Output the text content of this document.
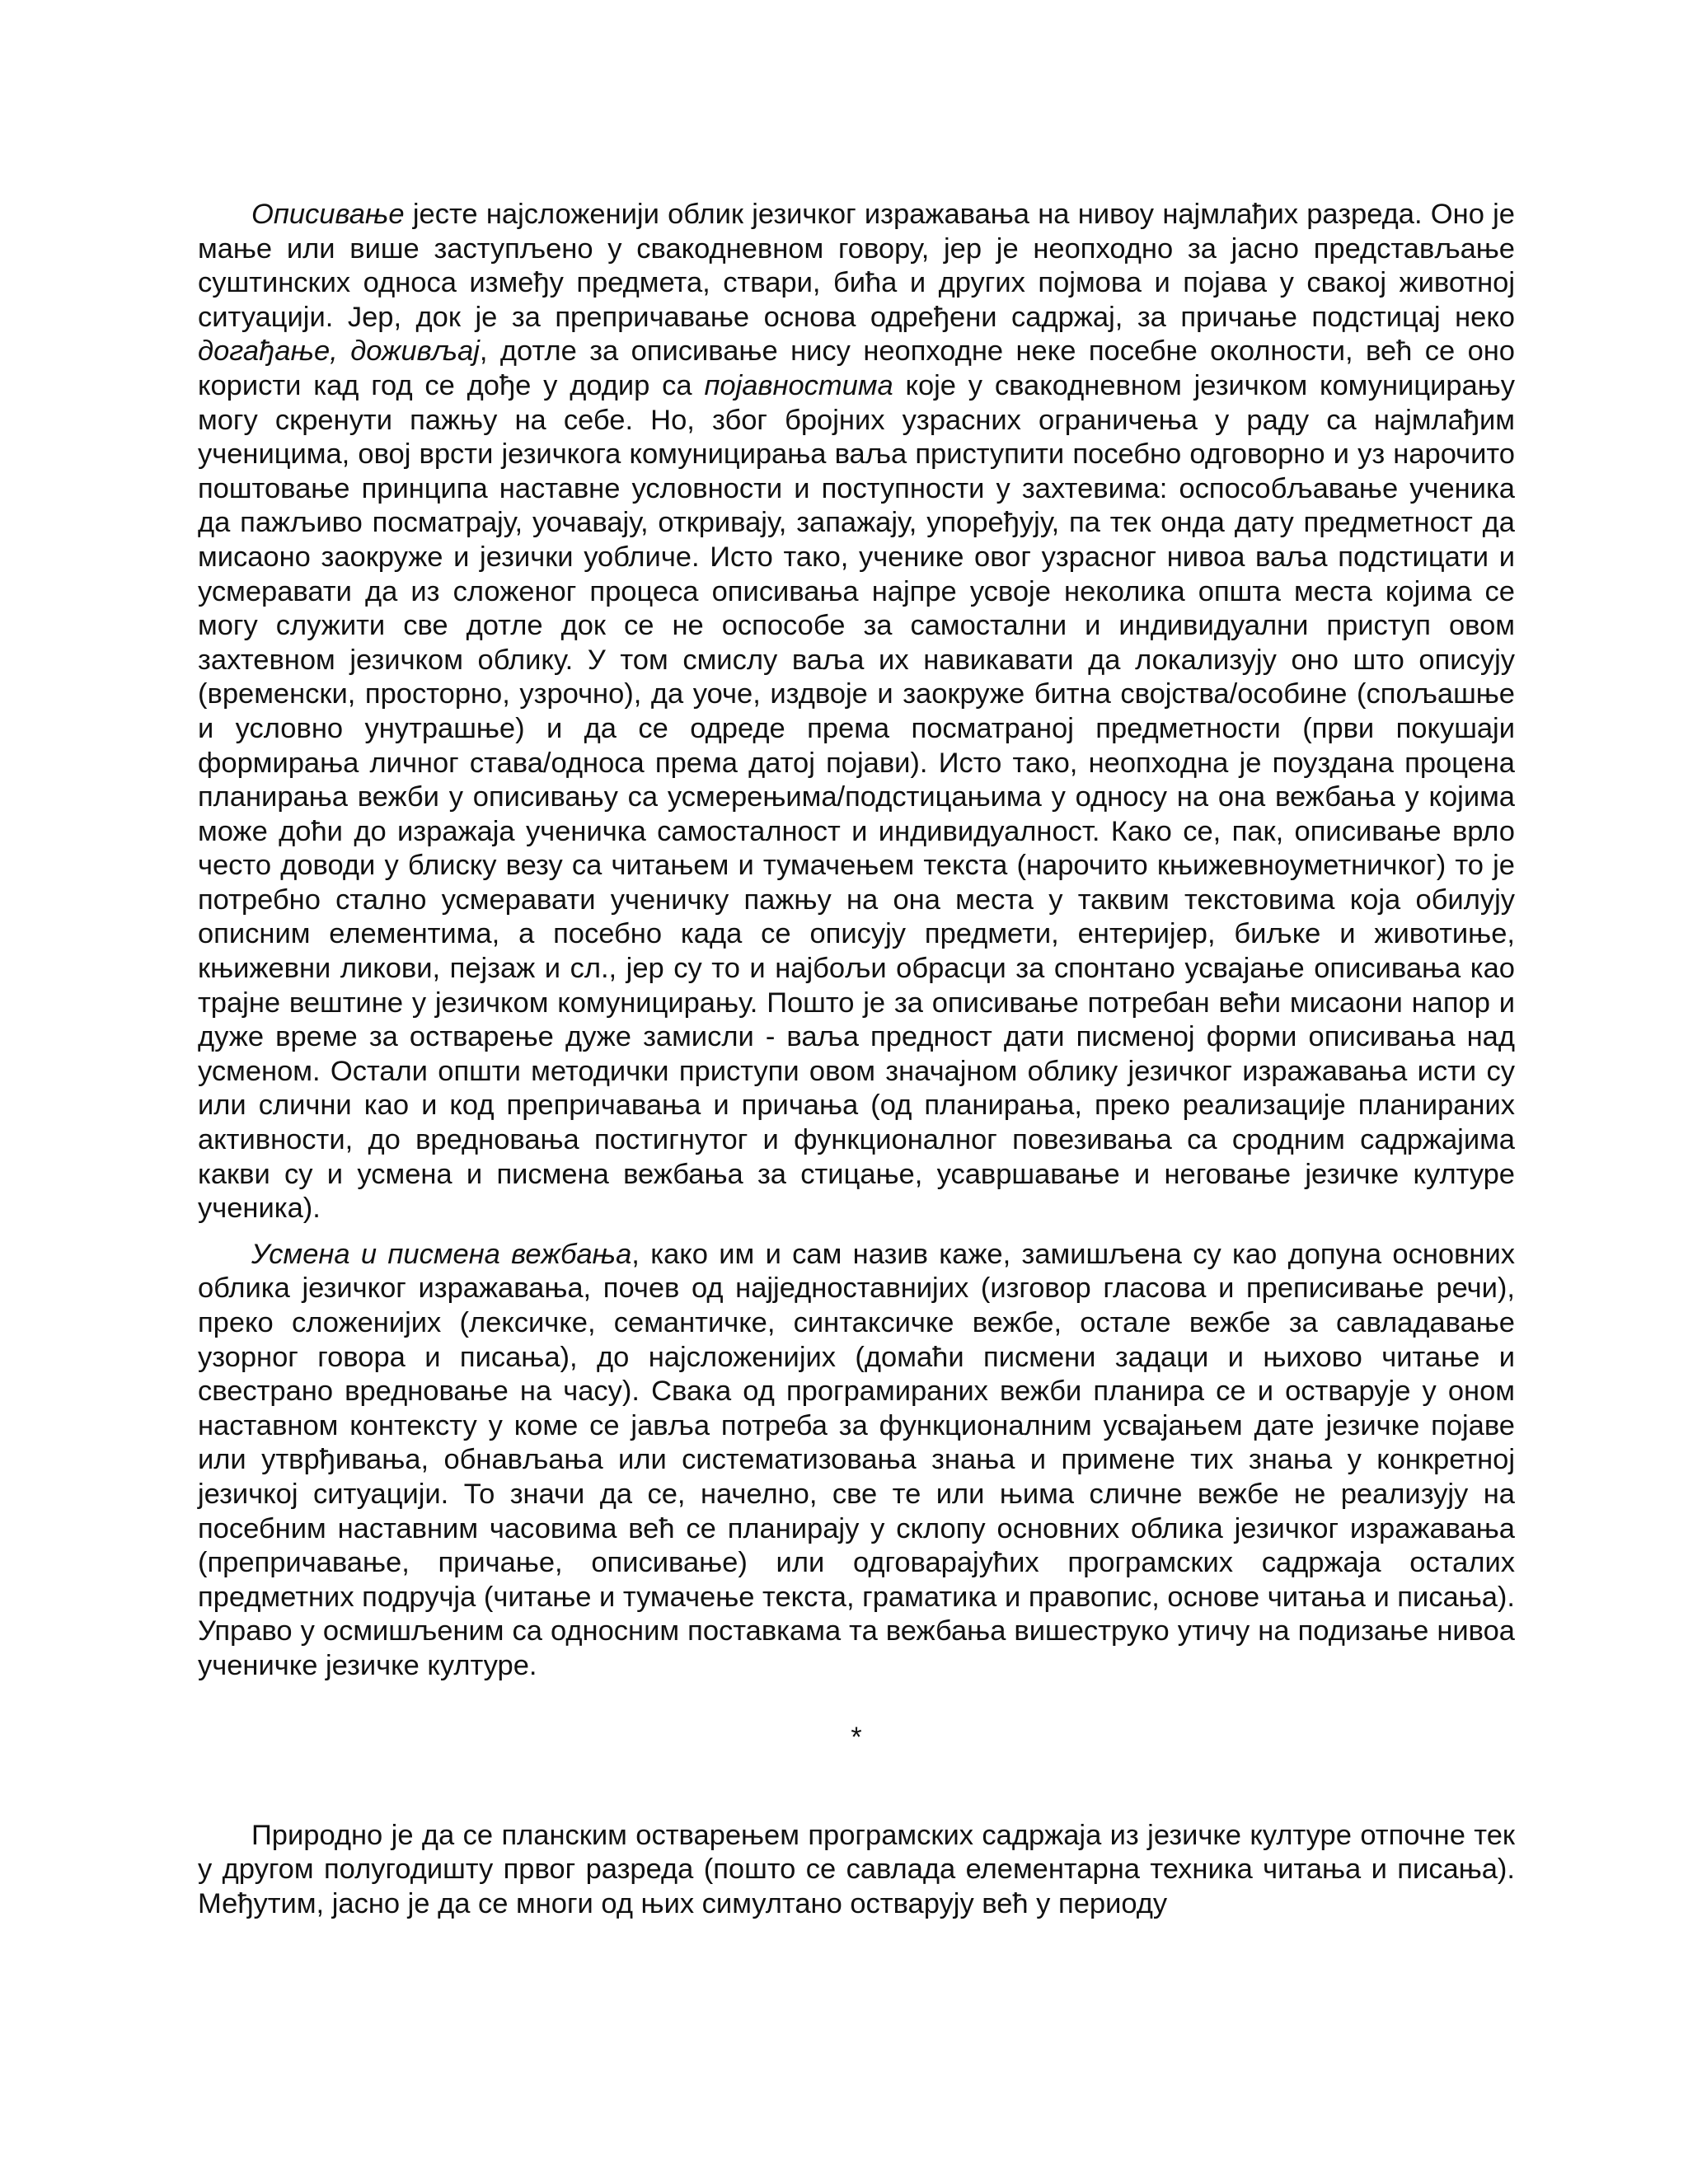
Описивање јесте најсложенији облик језичког изражавања на нивоу најмлађих разреда. Оно је мање или више заступљено у свакодневном говору, јер је неопходно за јасно представљање суштинских односа између предмета, ствари, бића и других појмова и појава у свакој животној ситуацији. Јер, док је за препричавање основа одређени садржај, за причање подстицај неко догађање, доживљај, дотле за описивање нису неопходне неке посебне околности, већ се оно користи кад год се дође у додир са појавностима које у свакодневном језичком комуницирању могу скренути пажњу на себе. Но, због бројних узрасних ограничења у раду са најмлађим ученицима, овој врсти језичкога комуницирања ваља приступити посебно одговорно и уз нарочито поштовање принципа наставне условности и поступности у захтевима: оспособљавање ученика да пажљиво посматрају, уочавају, откривају, запажају, упоређују, па тек онда дату предметност да мисаоно заокруже и језички уобличе. Исто тако, ученике овог узрасног нивоа ваља подстицати и усмеравати да из сложеног процеса описивања најпре усвоје неколика општа места којима се могу служити све дотле док се не оспособе за самостални и индивидуални приступ овом захтевном језичком облику. У том смислу ваља их навикавати да локализују оно што описују (временски, просторно, узрочно), да уоче, издвоје и заокруже битна својства/особине (спољашње и условно унутрашње) и да се одреде према посматраној предметности (први покушаји формирања личног става/односа према датој појави). Исто тако, неопходна је поуздана процена планирања вежби у описивању са усмерењима/подстицањима у односу на она вежбања у којима може доћи до изражаја ученичка самосталност и индивидуалност. Како се, пак, описивање врло често доводи у блиску везу са читањем и тумачењем текста (нарочито књижевноуметничког) то је потребно стално усмеравати ученичку пажњу на она места у таквим текстовима која обилују описним елементима, а посебно када се описују предмети, ентеријер, биљке и животиње, књижевни ликови, пејзаж и сл., јер су то и најбољи обрасци за спонтано усвајање описивања као трајне вештине у језичком комуницирању. Пошто је за описивање потребан већи мисаони напор и дуже време за остварење дуже замисли - ваља предност дати писменој форми описивања над усменом. Остали општи методички приступи овом значајном облику језичког изражавања исти су или слични као и код препричавања и причања (од планирања, преко реализације планираних активности, до вредновања постигнутог и функционалног повезивања са сродним садржајима какви су и усмена и писмена вежбања за стицање, усавршавање и неговање језичке културе ученика).

Усмена и писмена вежбања, како им и сам назив каже, замишљена су као допуна основних облика језичког изражавања, почев од најједноставнијих (изговор гласова и преписивање речи), преко сложенијих (лексичке, семантичке, синтаксичке вежбе, остале вежбе за савладавање узорног говора и писања), до најсложенијих (домаћи писмени задаци и њихово читање и свестрано вредновање на часу). Свака од програмираних вежби планира се и остварује у оном наставном контексту у коме се јавља потреба за функционалним усвајањем дате језичке појаве или утврђивања, обнављања или систематизовања знања и примене тих знања у конкретној језичкој ситуацији. То значи да се, начелно, све те или њима сличне вежбе не реализују на посебним наставним часовима већ се планирају у склопу основних облика језичког изражавања (препричавање, причање, описивање) или одговарајућих програмских садржаја осталих предметних подручја (читање и тумачење текста, граматика и правопис, основе читања и писања). Управо у осмишљеним са односним поставкама та вежбања вишеструко утичу на подизање нивоа ученичке језичке културе.

*

Природно је да се планским остварењем програмских садржаја из језичке културе отпочне тек у другом полугодишту првог разреда (пошто се савлада елементарна техника читања и писања). Међутим, јасно је да се многи од њих симултано остварују већ у периоду
